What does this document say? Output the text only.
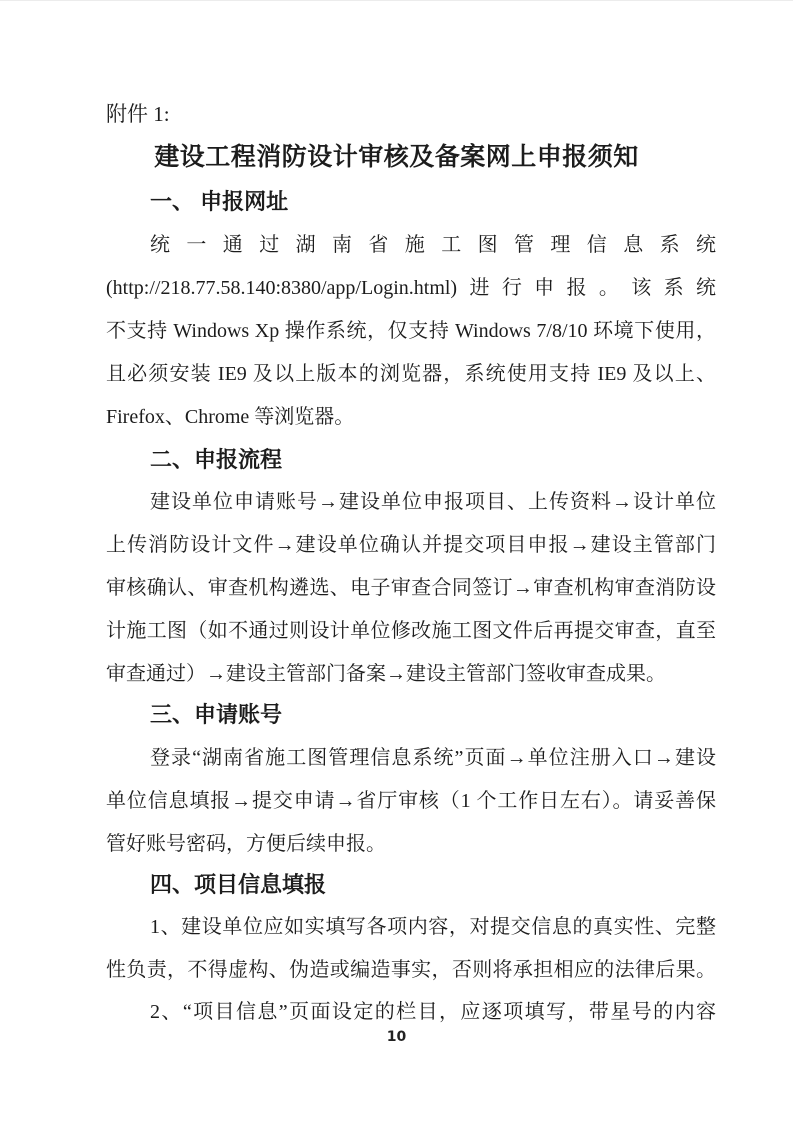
附件 1:
建设工程消防设计审核及备案网上申报须知
一、 申报网址
统一通过湖南省施工图管理信息系统
(http://218.77.58.140:8380/app/Login.html)进行申报。该系统
不支持 Windows Xp 操作系统，仅支持 Windows 7/8/10 环境下使用，
且必须安装 IE9 及以上版本的浏览器，系统使用支持 IE9 及以上、
Firefox、Chrome 等浏览器。
二、申报流程
建设单位申请账号→建设单位申报项目、上传资料→设计单位
上传消防设计文件→建设单位确认并提交项目申报→建设主管部门
审核确认、审查机构遴选、电子审查合同签订→审查机构审查消防设
计施工图（如不通过则设计单位修改施工图文件后再提交审查，直至
审查通过）→建设主管部门备案→建设主管部门签收审查成果。
三、申请账号
登录“湖南省施工图管理信息系统”页面→单位注册入口→建设
单位信息填报→提交申请→省厅审核（1 个工作日左右）。请妥善保
管好账号密码，方便后续申报。
四、项目信息填报
1、建设单位应如实填写各项内容，对提交信息的真实性、完整
性负责，不得虚构、伪造或编造事实，否则将承担相应的法律后果。
2、“项目信息”页面设定的栏目，应逐项填写，带星号的内容
10
